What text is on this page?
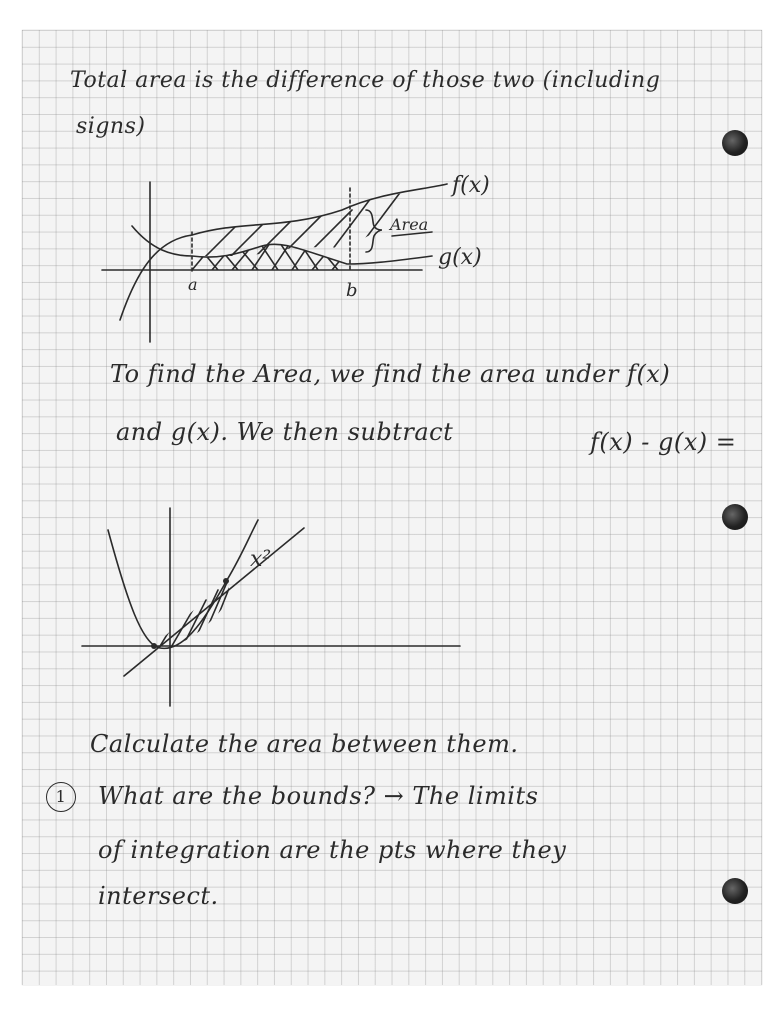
Total area is the difference of those two (including
signs)
Area
f(x)
g(x)
a	b
To find the Area, we find the area under f(x)
and g(x). We then subtract	f(x) - g(x) =
x²
Calculate the area between them.
1	What are the bounds? → The limits
of integration are the pts where they
intersect.
